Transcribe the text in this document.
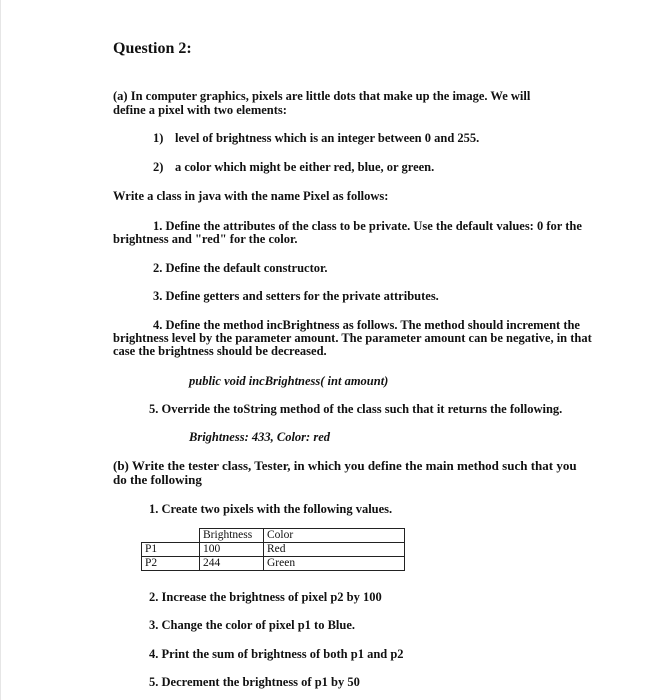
Question 2:
(a) In computer graphics, pixels are little dots that make up the image. We will
define a pixel with two elements:
1) level of brightness which is an integer between 0 and 255.
2) a color which might be either red, blue, or green.
Write a class in java with the name Pixel as follows:
1. Define the attributes of the class to be private. Use the default values: 0 for the
brightness and "red" for the color.
2. Define the default constructor.
3. Define getters and setters for the private attributes.
4. Define the method incBrightness as follows. The method should increment the
brightness level by the parameter amount. The parameter amount can be negative, in that
case the brightness should be decreased.
public void incBrightness( int amount)
5. Override the toString method of the class such that it returns the following.
Brightness: 433, Color: red
(b) Write the tester class, Tester, in which you define the main method such that you
do the following
1. Create two pixels with the following values.
	Brightness	Color
P1	100	Red
P2	244	Green
2. Increase the brightness of pixel p2 by 100
3. Change the color of pixel p1 to Blue.
4. Print the sum of brightness of both p1 and p2
5. Decrement the brightness of p1 by 50
